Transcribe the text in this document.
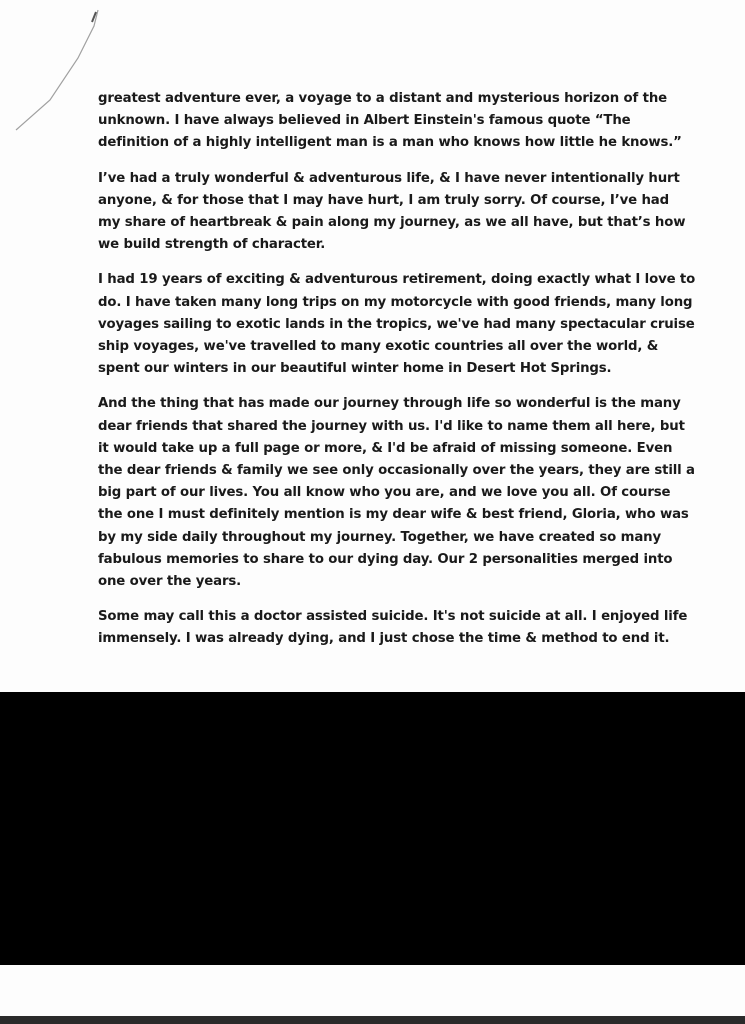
greatest adventure ever, a voyage to a distant and mysterious horizon of the
unknown. I have always believed in Albert Einstein's famous quote “The
definition of a highly intelligent man is a man who knows how little he knows.”

I’ve had a truly wonderful & adventurous life, & I have never intentionally hurt
anyone, & for those that I may have hurt, I am truly sorry. Of course, I’ve had
my share of heartbreak & pain along my journey, as we all have, but that’s how
we build strength of character.

I had 19 years of exciting & adventurous retirement, doing exactly what I love to
do. I have taken many long trips on my motorcycle with good friends, many long
voyages sailing to exotic lands in the tropics, we've had many spectacular cruise
ship voyages, we've travelled to many exotic countries all over the world, &
spent our winters in our beautiful winter home in Desert Hot Springs.

And the thing that has made our journey through life so wonderful is the many
dear friends that shared the journey with us. I'd like to name them all here, but
it would take up a full page or more, & I'd be afraid of missing someone. Even
the dear friends & family we see only occasionally over the years, they are still a
big part of our lives. You all know who you are, and we love you all. Of course
the one I must definitely mention is my dear wife & best friend, Gloria, who was
by my side daily throughout my journey. Together, we have created so many
fabulous memories to share to our dying day. Our 2 personalities merged into
one over the years.

Some may call this a doctor assisted suicide. It's not suicide at all. I enjoyed life
immensely. I was already dying, and I just chose the time & method to end it.
